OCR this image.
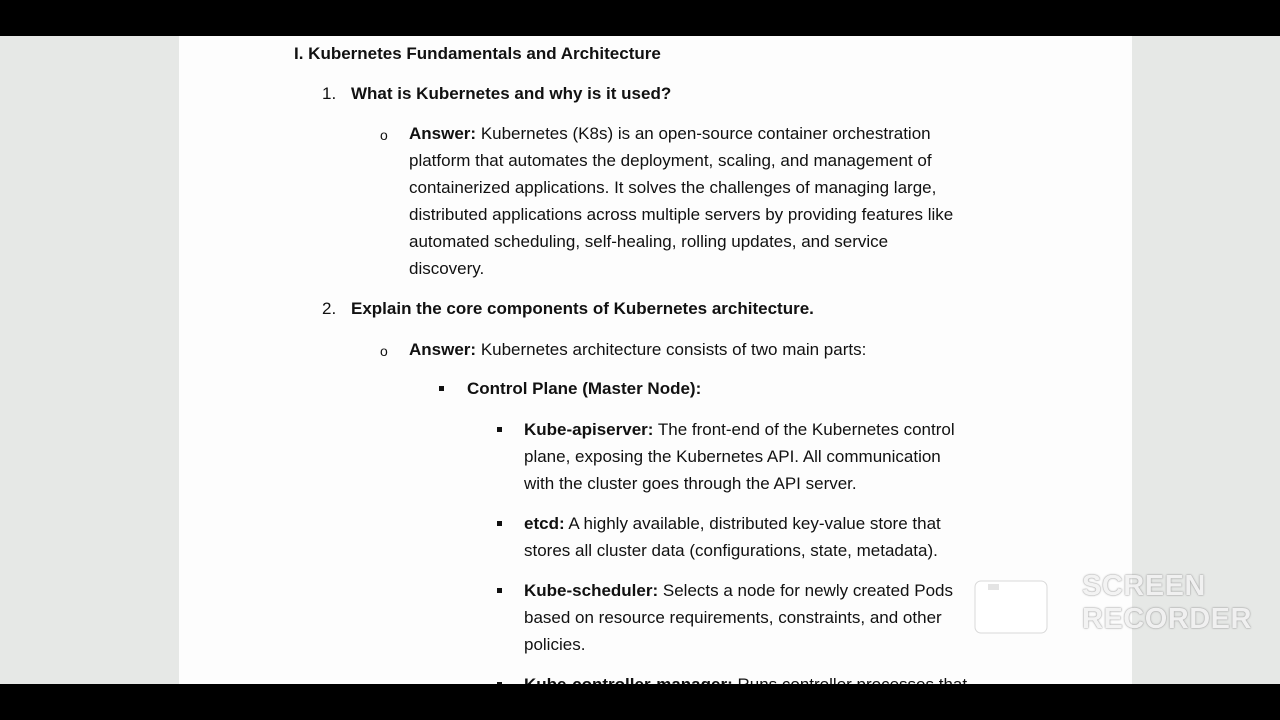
I. Kubernetes Fundamentals and Architecture
1. What is Kubernetes and why is it used?
o Answer: Kubernetes (K8s) is an open-source container orchestration
platform that automates the deployment, scaling, and management of
containerized applications. It solves the challenges of managing large,
distributed applications across multiple servers by providing features like
automated scheduling, self-healing, rolling updates, and service
discovery.
2. Explain the core components of Kubernetes architecture.
o Answer: Kubernetes architecture consists of two main parts:
Control Plane (Master Node):
Kube-apiserver: The front-end of the Kubernetes control
plane, exposing the Kubernetes API. All communication
with the cluster goes through the API server.
etcd: A highly available, distributed key-value store that
stores all cluster data (configurations, state, metadata).
Kube-scheduler: Selects a node for newly created Pods
based on resource requirements, constraints, and other
policies.
SCREEN
RECORDER
